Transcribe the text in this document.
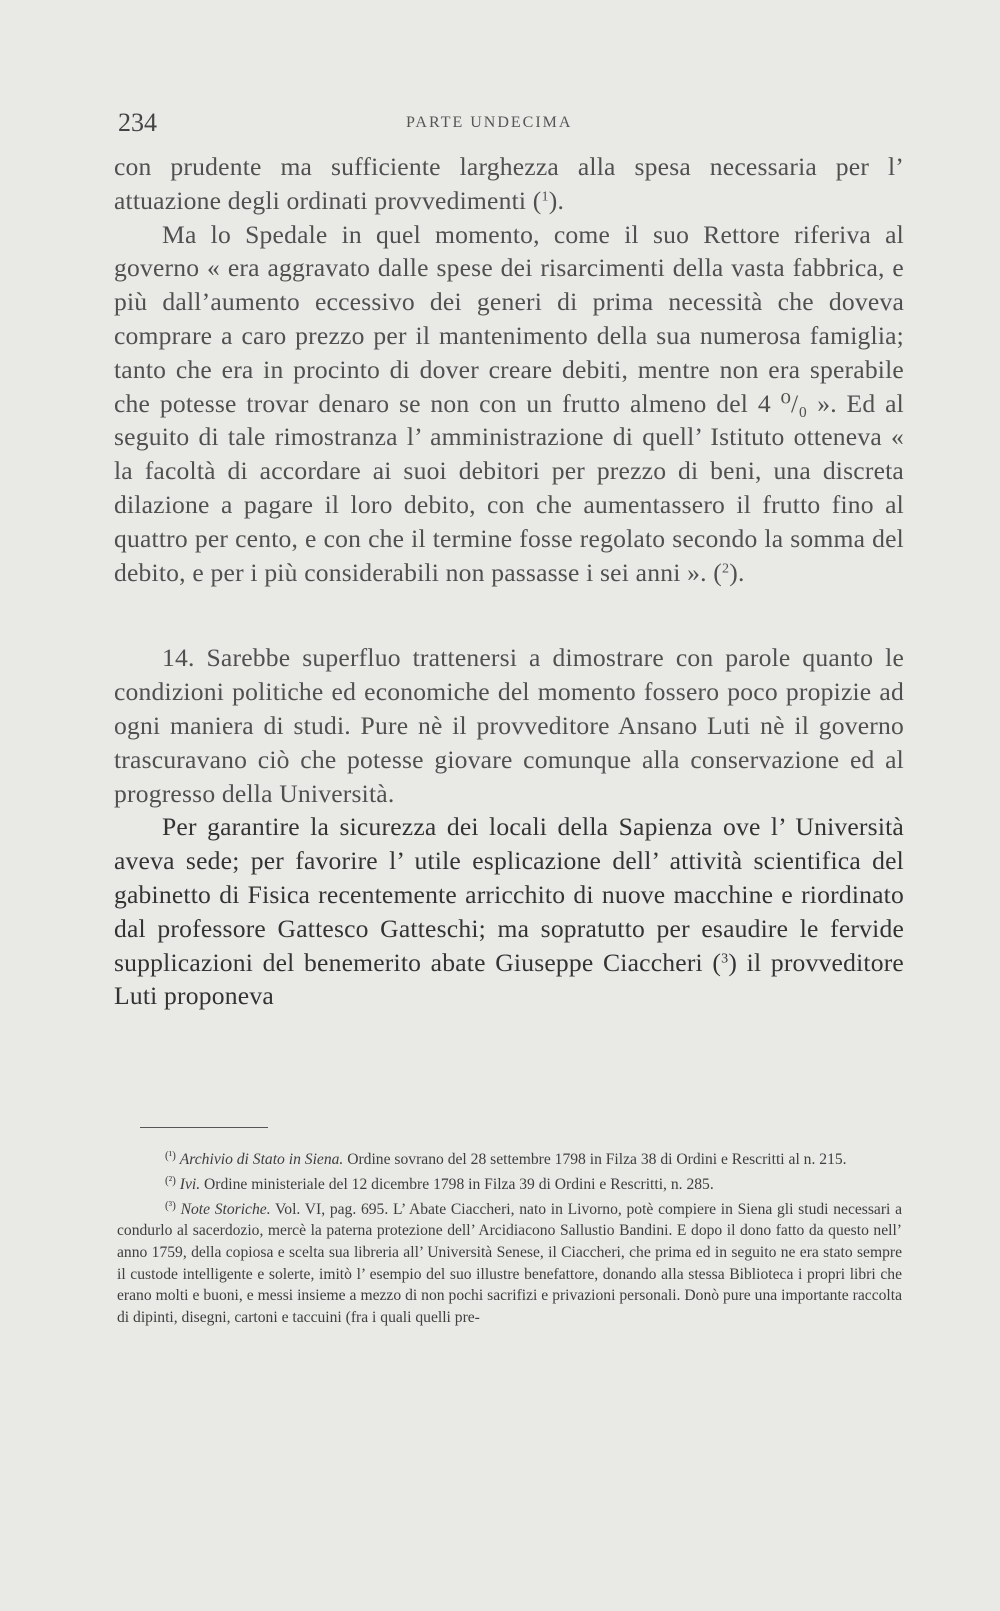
234	PARTE UNDECIMA

con prudente ma sufficiente larghezza alla spesa necessaria per l’ attuazione degli ordinati provvedimenti ($^1$).

Ma lo Spedale in quel momento, come il suo Rettore riferiva al governo « era aggravato dalle spese dei risarcimenti della vasta fabbrica, e più dall’aumento eccessivo dei generi di prima necessità che doveva comprare a caro prezzo per il mantenimento della sua numerosa famiglia; tanto che era in procinto di dover creare debiti, mentre non era sperabile che potesse trovar denaro se non con un frutto almeno del 4 ⁰/₀ ». Ed al seguito di tale rimostranza l’ amministrazione di quell’ Istituto otteneva « la facoltà di accordare ai suoi debitori per prezzo di beni, una discreta dilazione a pagare il loro debito, con che aumentassero il frutto fino al quattro per cento, e con che il termine fosse regolato secondo la somma del debito, e per i più considerabili non passasse i sei anni ». ($^2$).

14. Sarebbe superfluo trattenersi a dimostrare con parole quanto le condizioni politiche ed economiche del momento fossero poco propizie ad ogni maniera di studi. Pure nè il provveditore Ansano Luti nè il governo trascuravano ciò che potesse giovare comunque alla conservazione ed al progresso della Università.

Per garantire la sicurezza dei locali della Sapienza ove l’ Università aveva sede; per favorire l’ utile esplicazione dell’ attività scientifica del gabinetto di Fisica recentemente arricchito di nuove macchine e riordinato dal professore Gattesco Gatteschi; ma sopratutto per esaudire le fervide supplicazioni del benemerito abate Giuseppe Ciaccheri ($^3$) il provveditore Luti proponeva

$^{(^1)}$ Archivio di Stato in Siena. Ordine sovrano del 28 settembre 1798 in Filza 38 di Ordini e Rescritti al n. 215.

$^{(^2)}$ Ivi. Ordine ministeriale del 12 dicembre 1798 in Filza 39 di Ordini e Rescritti, n. 285.

$^{(^3)}$ Note Storiche. Vol. VI, pag. 695. L’ Abate Ciaccheri, nato in Livorno, potè compiere in Siena gli studi necessari a condurlo al sacerdozio, mercè la paterna protezione dell’ Arcidiacono Sallustio Bandini. E dopo il dono fatto da questo nell’ anno 1759, della copiosa e scelta sua libreria all’ Università Senese, il Ciaccheri, che prima ed in seguito ne era stato sempre il custode intelligente e solerte, imitò l’ esempio del suo illustre benefattore, donando alla stessa Biblioteca i propri libri che erano molti e buoni, e messi insieme a mezzo di non pochi sacrifizi e privazioni personali. Donò pure una importante raccolta di dipinti, disegni, cartoni e taccuini (fra i quali quelli pre-
